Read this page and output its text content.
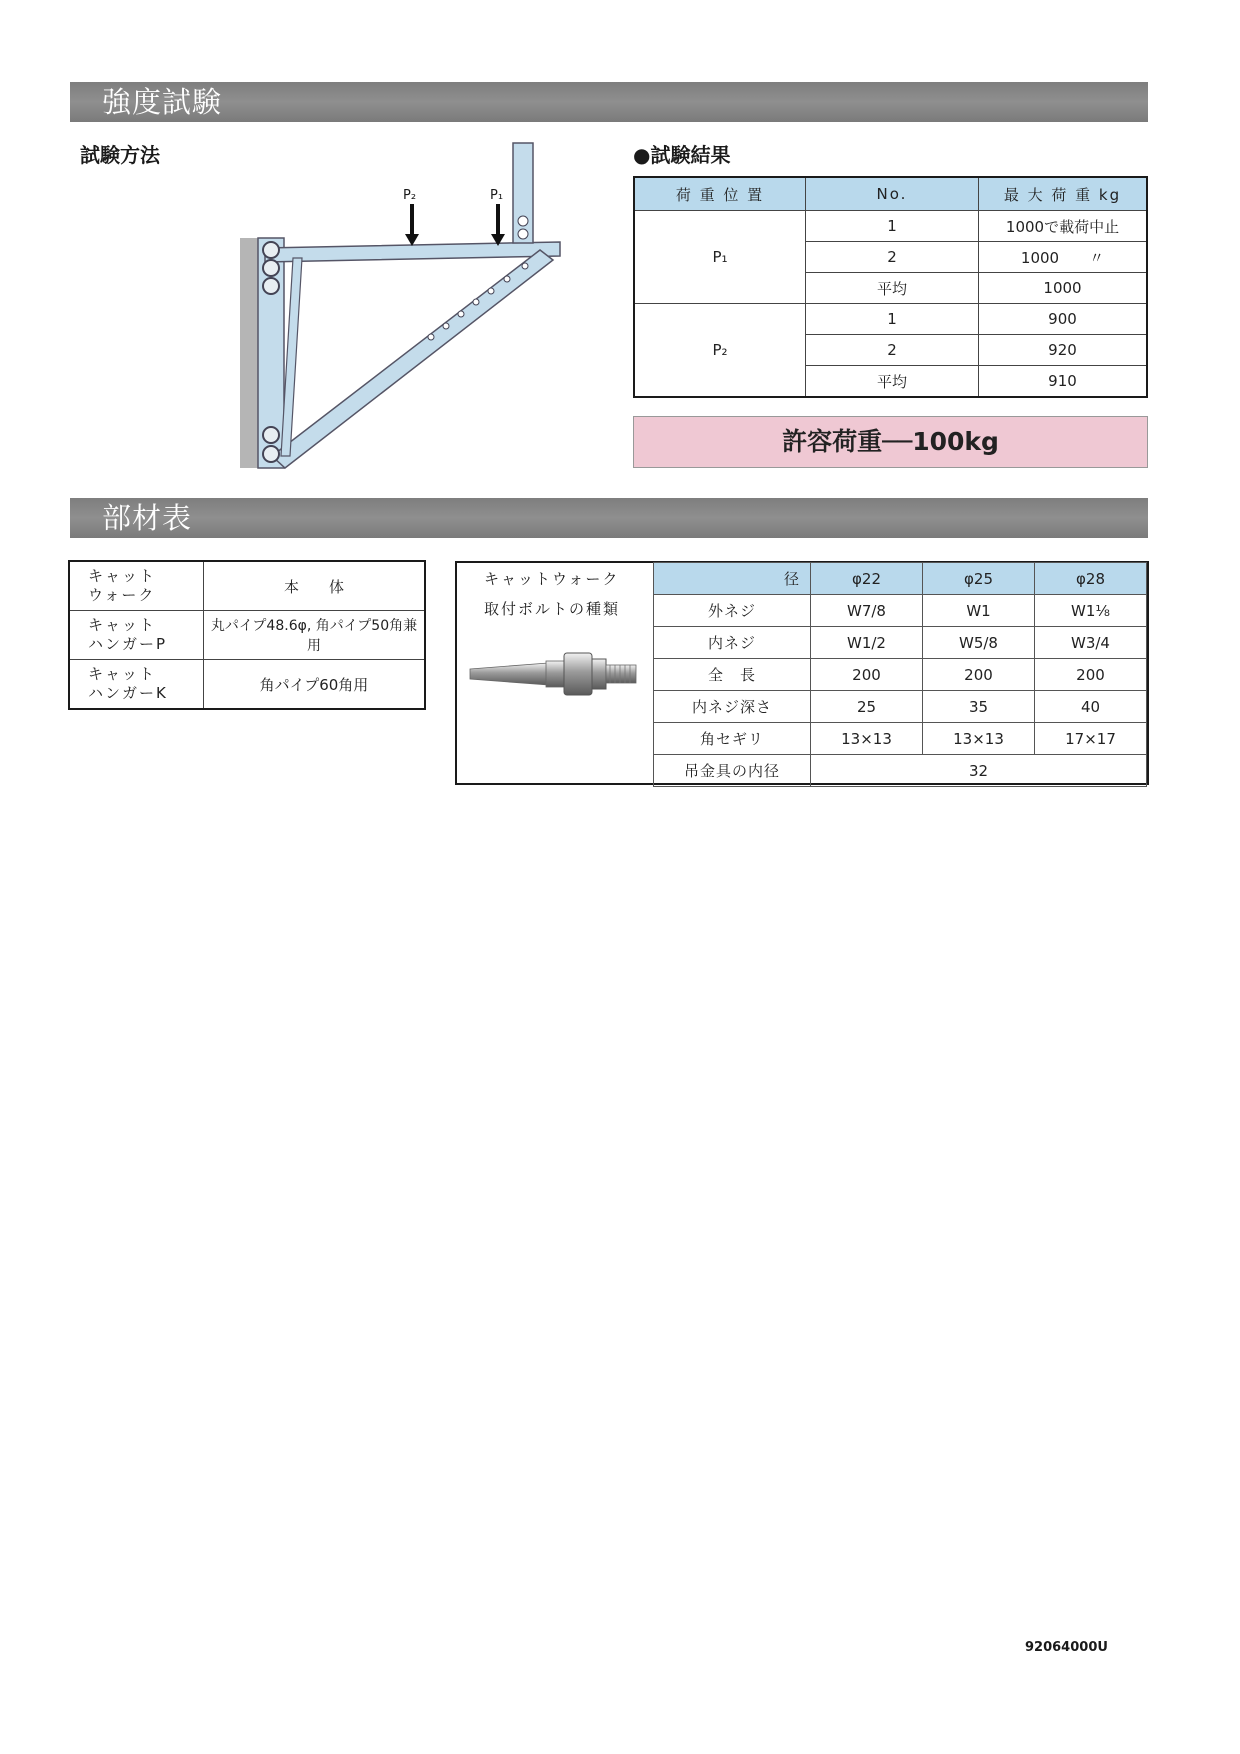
強度試験
試験方法
P₂	P₁
●試験結果
荷 重 位 置	No.	最 大 荷 重 kg
P₁	1	1000で載荷中止
	2	1000　　〃
	平均	1000
P₂	1	900
	2	920
	平均	910
許容荷重──100kg
部材表
キャット
ウォーク	本　　体
キャット
ハンガーP	丸パイプ48.6φ, 角パイプ50角兼用
キャット
ハンガーK	角パイプ60角用
キャットウォーク
取付ボルトの種類
径	φ22	φ25	φ28
外ネジ	W7/8	W1	W1⅛
内ネジ	W1/2	W5/8	W3/4
全　長	200	200	200
内ネジ深さ	25	35	40
角セギリ	13×13	13×13	17×17
吊金具の内径	32		
92064000U
